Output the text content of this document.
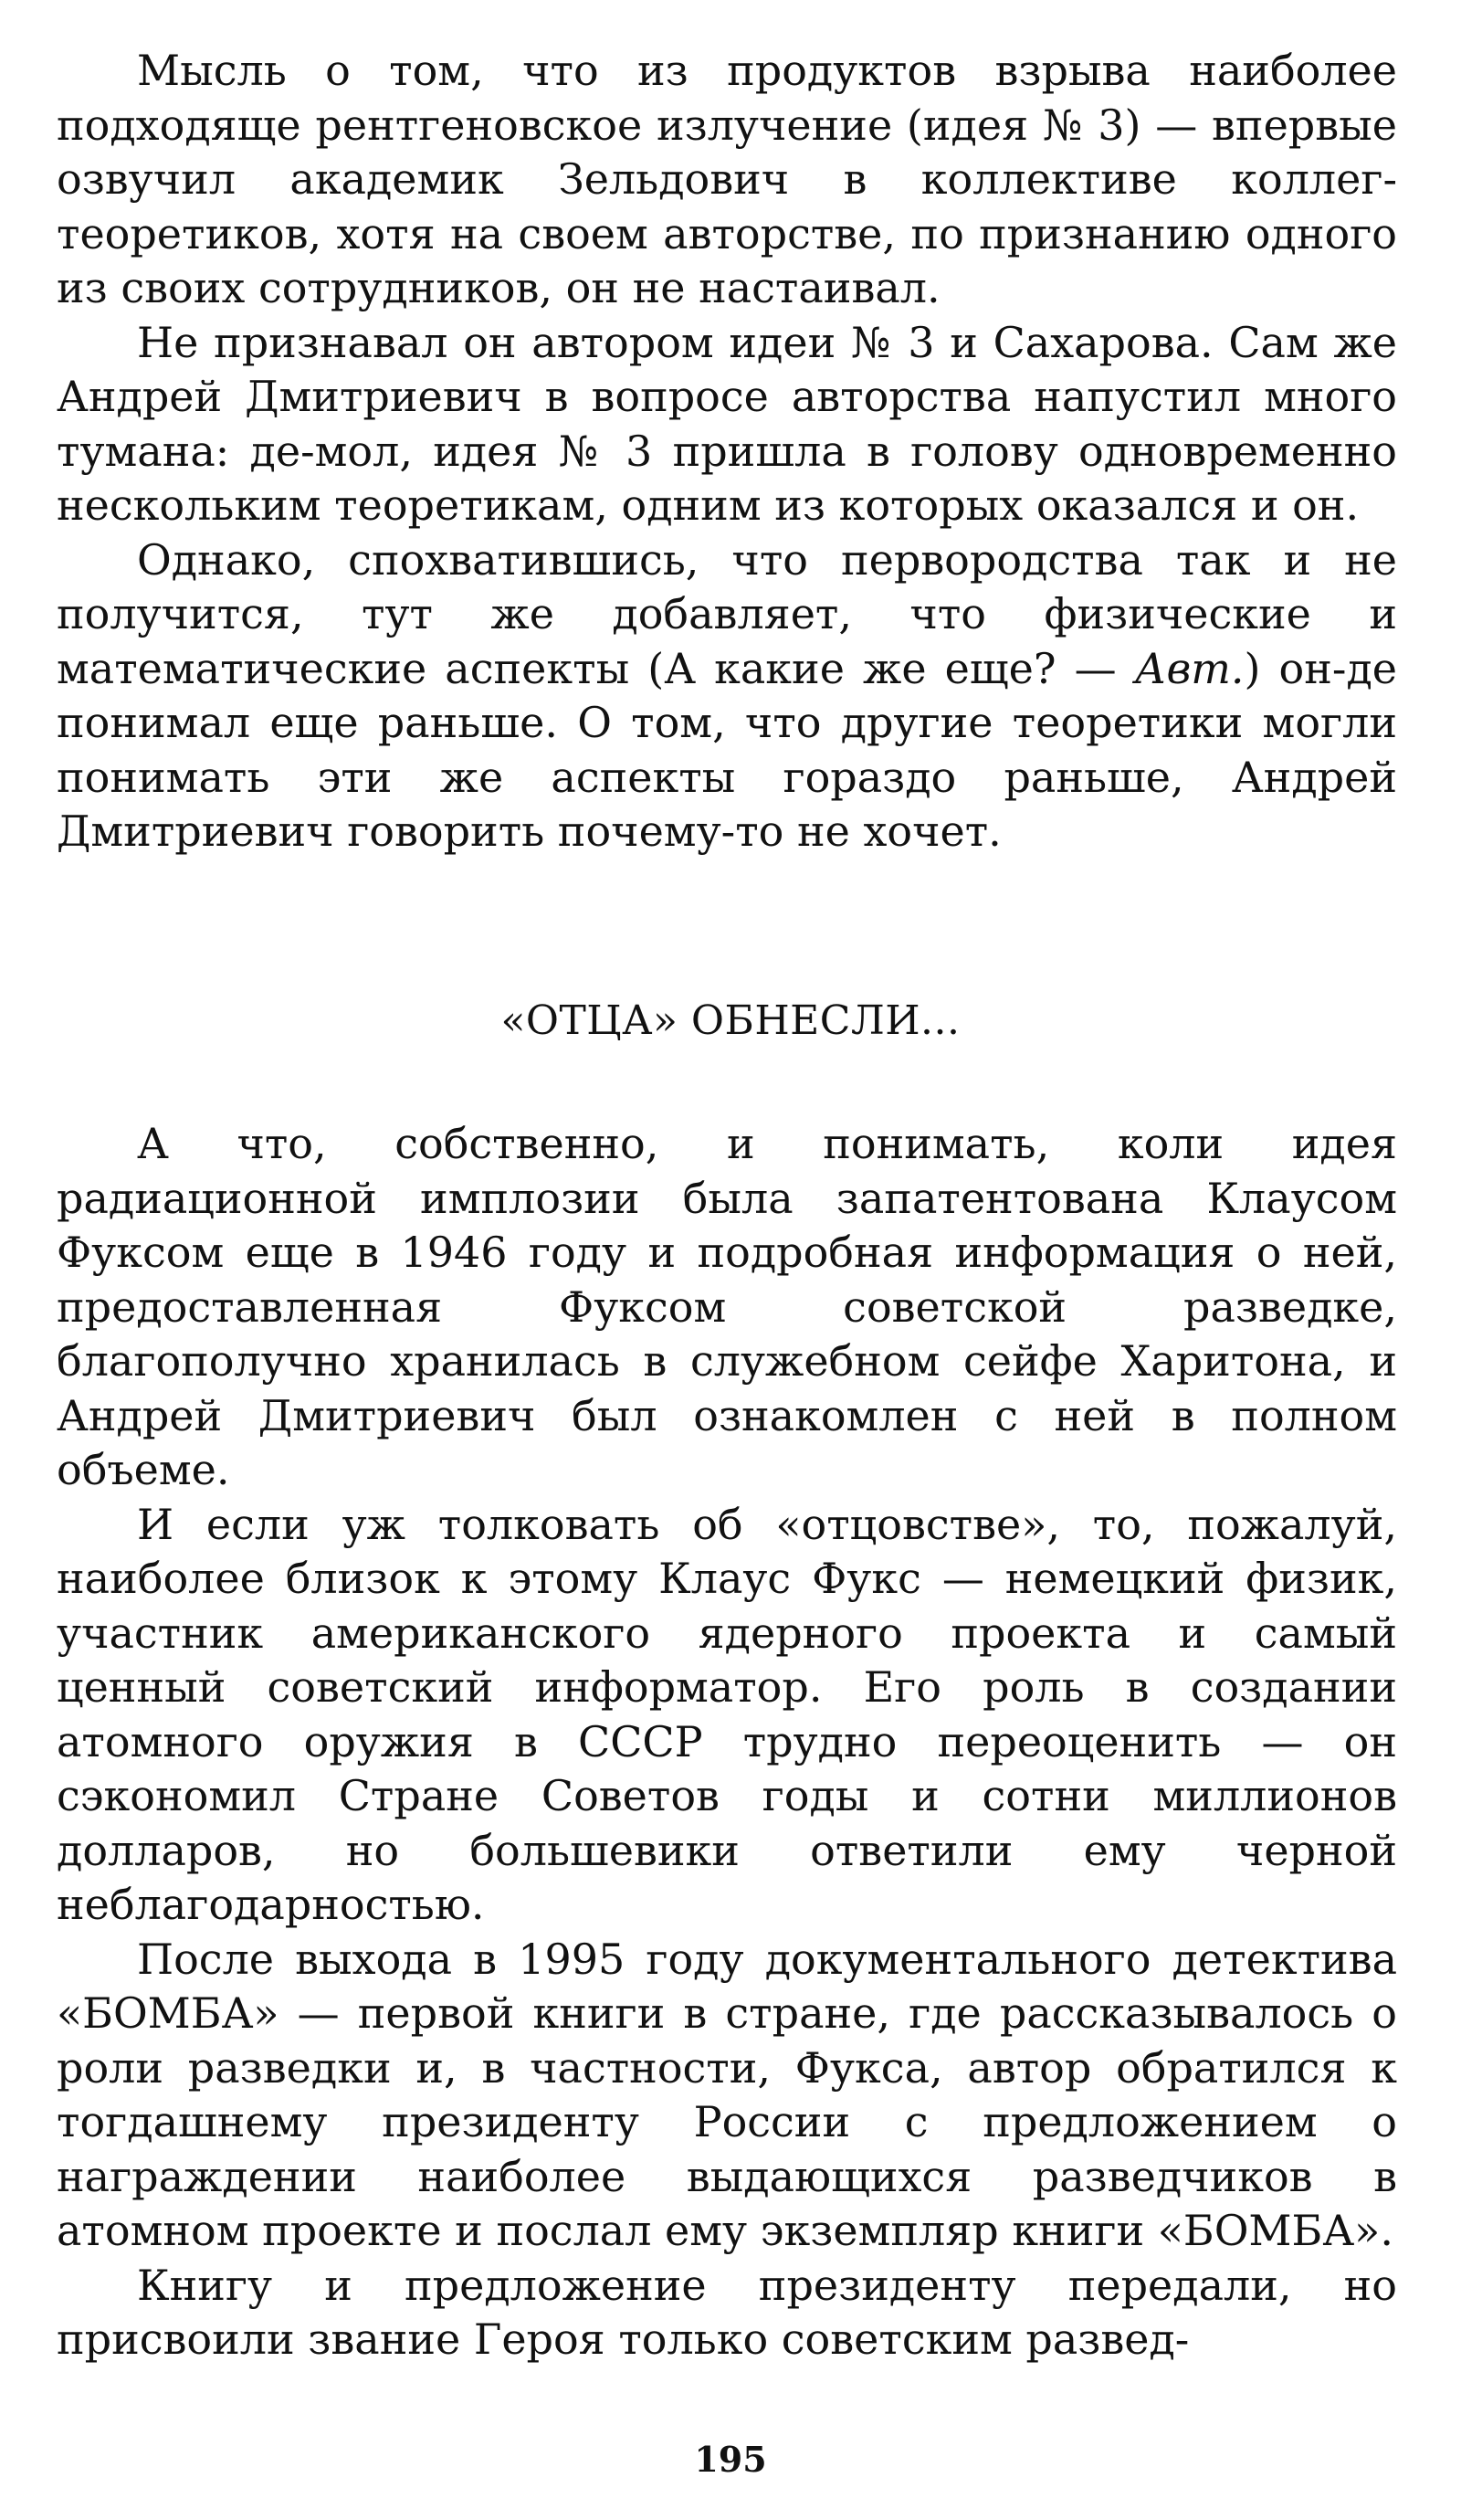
Мысль о том, что из продуктов взрыва наиболее подходяще рентгеновское излучение (идея № 3) — впервые озвучил академик Зельдович в коллективе коллег-теоретиков, хотя на своем авторстве, по признанию одного из своих сотрудников, он не настаивал.

Не признавал он автором идеи № 3 и Сахарова. Сам же Андрей Дмитриевич в вопросе авторства напустил много тумана: де-мол, идея № 3 пришла в голову одновременно нескольким теоретикам, одним из которых оказался и он.

Однако, спохватившись, что первородства так и не получится, тут же добавляет, что физические и математические аспекты (А какие же еще? — Авт.) он-де понимал еще раньше. О том, что другие теоретики могли понимать эти же аспекты гораздо раньше, Андрей Дмитриевич говорить почему-то не хочет.

«ОТЦА» ОБНЕСЛИ...

А что, собственно, и понимать, коли идея радиационной имплозии была запатентована Клаусом Фуксом еще в 1946 году и подробная информация о ней, предоставленная Фуксом советской разведке, благополучно хранилась в служебном сейфе Харитона, и Андрей Дмитриевич был ознакомлен с ней в полном объеме.

И если уж толковать об «отцовстве», то, пожалуй, наиболее близок к этому Клаус Фукс — немецкий физик, участник американского ядерного проекта и самый ценный советский информатор. Его роль в создании атомного оружия в СССР трудно переоценить — он сэкономил Стране Советов годы и сотни миллионов долларов, но большевики ответили ему черной неблагодарностью.

После выхода в 1995 году документального детектива «БОМБА» — первой книги в стране, где рассказывалось о роли разведки и, в частности, Фукса, автор обратился к тогдашнему президенту России с предложением о награждении наиболее выдающихся разведчиков в атомном проекте и послал ему экземпляр книги «БОМБА».

Книгу и предложение президенту передали, но присвоили звание Героя только советским развед-

195
